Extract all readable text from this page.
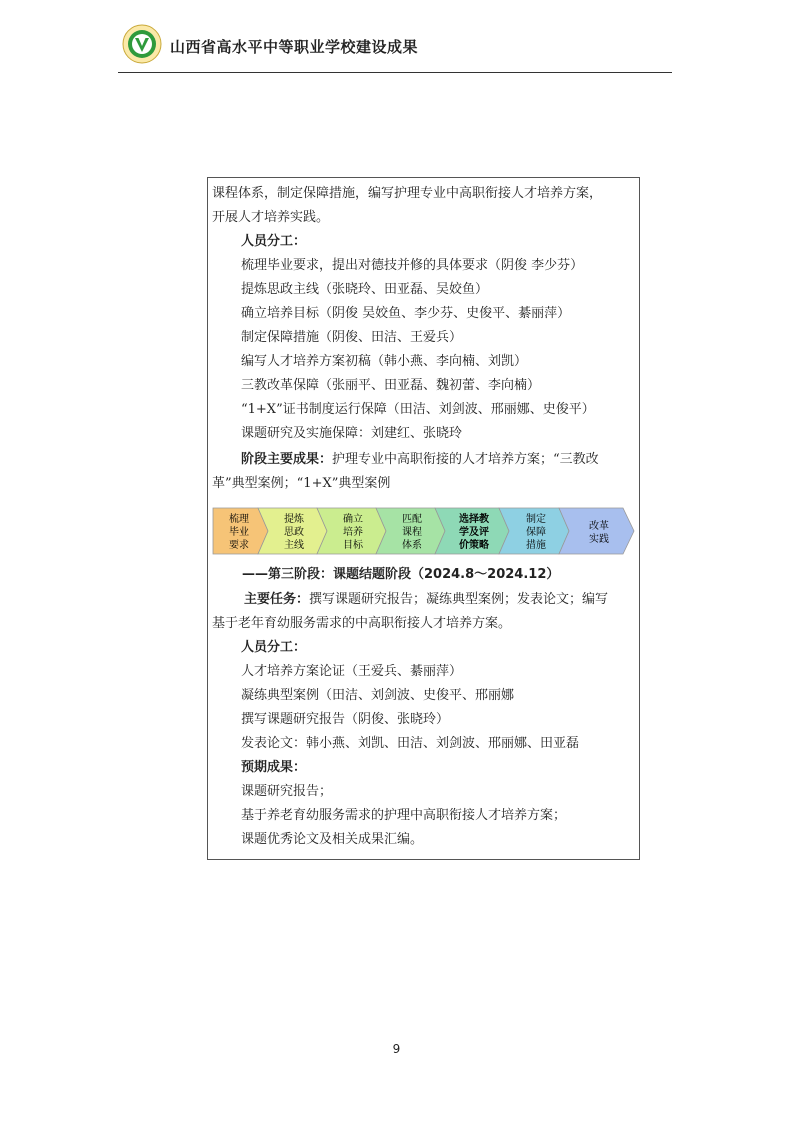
山西省高水平中等职业学校建设成果
课程体系，制定保障措施，编写护理专业中高职衔接人才培养方案，
开展人才培养实践。
人员分工：
梳理毕业要求，提出对德技并修的具体要求（阴俊 李少芬）
提炼思政主线（张晓玲、田亚磊、吴姣鱼）
确立培养目标（阴俊 吴姣鱼、李少芬、史俊平、綦丽萍）
制定保障措施（阴俊、田洁、王爱兵）
编写人才培养方案初稿（韩小燕、李向楠、刘凯）
三教改革保障（张丽平、田亚磊、魏初蕾、李向楠）
“1+X”证书制度运行保障（田洁、刘剑波、邢丽娜、史俊平）
课题研究及实施保障：刘建红、张晓玲
阶段主要成果：护理专业中高职衔接的人才培养方案；“三教改
革”典型案例；“1+X”典型案例
梳理
毕业
要求
提炼
思政
主线
确立
培养
目标
匹配
课程
体系
选择教
学及评
价策略
制定
保障
措施
改革
实践
——第三阶段：课题结题阶段（2024.8～2024.12）
主要任务：撰写课题研究报告；凝练典型案例；发表论文；编写
基于老年育幼服务需求的中高职衔接人才培养方案。
人员分工：
人才培养方案论证（王爱兵、綦丽萍）
凝练典型案例（田洁、刘剑波、史俊平、邢丽娜
撰写课题研究报告（阴俊、张晓玲）
发表论文：韩小燕、刘凯、田洁、刘剑波、邢丽娜、田亚磊
预期成果：
课题研究报告；
基于养老育幼服务需求的护理中高职衔接人才培养方案；
课题优秀论文及相关成果汇编。
9
